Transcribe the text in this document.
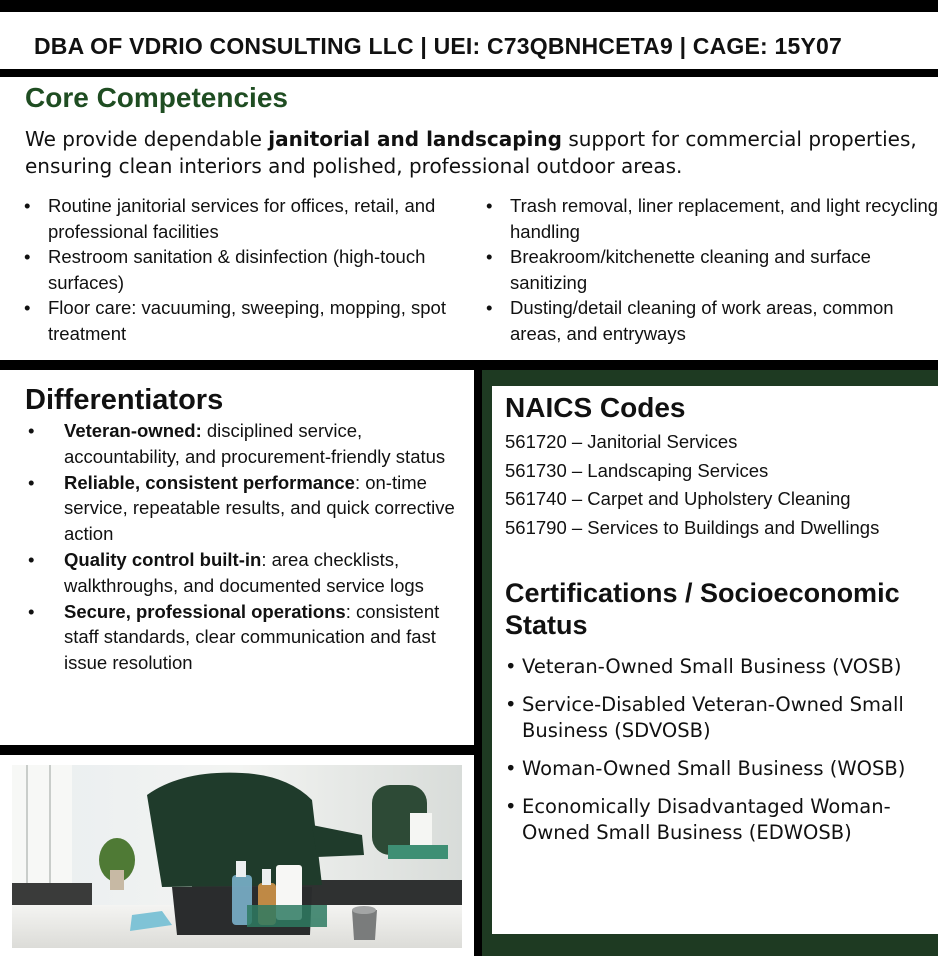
DBA OF VDRIO CONSULTING LLC | UEI: C73QBNHCETA9 | CAGE: 15Y07
Core Competencies

We provide dependable janitorial and landscaping support for commercial properties, ensuring clean interiors and polished, professional outdoor areas.

• Routine janitorial services for offices, retail, and professional facilities
• Restroom sanitation & disinfection (high-touch surfaces)
• Floor care: vacuuming, sweeping, mopping, spot treatment
• Trash removal, liner replacement, and light recycling handling
• Breakroom/kitchenette cleaning and surface sanitizing
• Dusting/detail cleaning of work areas, common areas, and entryways
Differentiators
• Veteran-owned: disciplined service, accountability, and procurement-friendly status
• Reliable, consistent performance: on-time service, repeatable results, and quick corrective action
• Quality control built-in: area checklists, walkthroughs, and documented service logs
• Secure, professional operations: consistent staff standards, clear communication and fast issue resolution
NAICS Codes
561720 – Janitorial Services
561730 – Landscaping Services
561740 – Carpet and Upholstery Cleaning
561790 – Services to Buildings and Dwellings
Certifications / Socioeconomic Status
• Veteran-Owned Small Business (VOSB)
• Service-Disabled Veteran-Owned Small Business (SDVOSB)
• Woman-Owned Small Business (WOSB)
• Economically Disadvantaged Woman-Owned Small Business (EDWOSB)
